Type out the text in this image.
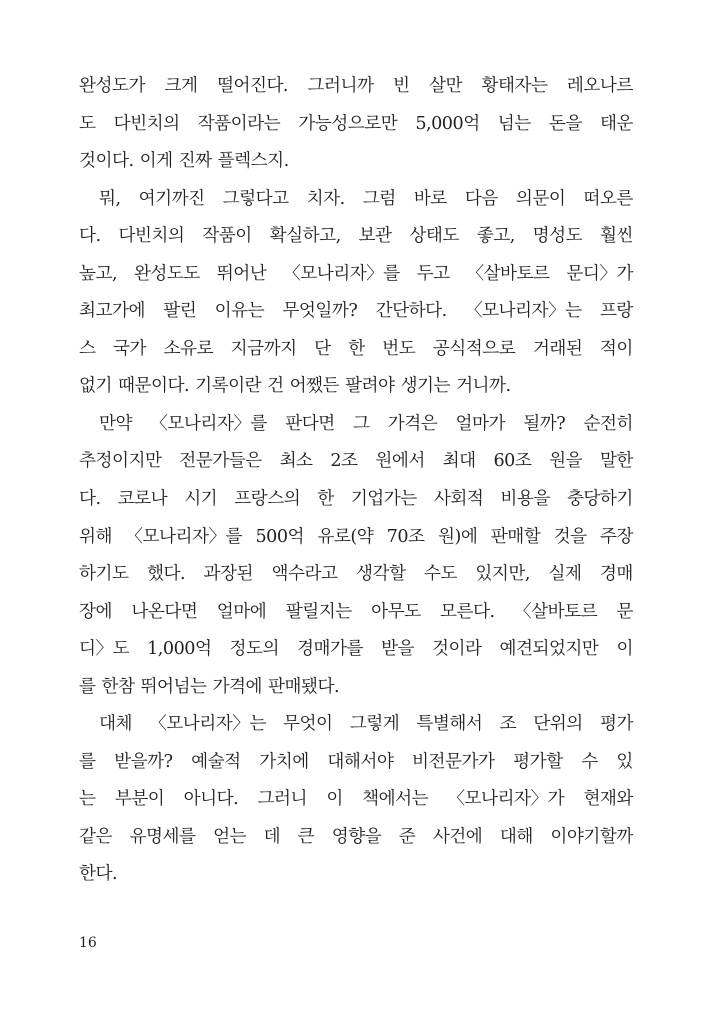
완성도가 크게 떨어진다. 그러니까 빈 살만 황태자는 레오나르
도 다빈치의 작품이라는 가능성으로만 5,000억 넘는 돈을 태운
것이다. 이게 진짜 플렉스지.
뭐, 여기까진 그렇다고 치자. 그럼 바로 다음 의문이 떠오른
다. 다빈치의 작품이 확실하고, 보관 상태도 좋고, 명성도 훨씬
높고, 완성도도 뛰어난 〈모나리자〉를 두고 〈살바토르 문디〉가
최고가에 팔린 이유는 무엇일까? 간단하다. 〈모나리자〉는 프랑
스 국가 소유로 지금까지 단 한 번도 공식적으로 거래된 적이
없기 때문이다. 기록이란 건 어쨌든 팔려야 생기는 거니까.
만약 〈모나리자〉를 판다면 그 가격은 얼마가 될까? 순전히
추정이지만 전문가들은 최소 2조 원에서 최대 60조 원을 말한
다. 코로나 시기 프랑스의 한 기업가는 사회적 비용을 충당하기
위해 〈모나리자〉를 500억 유로(약 70조 원)에 판매할 것을 주장
하기도 했다. 과장된 액수라고 생각할 수도 있지만, 실제 경매
장에 나온다면 얼마에 팔릴지는 아무도 모른다. 〈살바토르 문
디〉도 1,000억 정도의 경매가를 받을 것이라 예견되었지만 이
를 한참 뛰어넘는 가격에 판매됐다.
대체 〈모나리자〉는 무엇이 그렇게 특별해서 조 단위의 평가
를 받을까? 예술적 가치에 대해서야 비전문가가 평가할 수 있
는 부분이 아니다. 그러니 이 책에서는 〈모나리자〉가 현재와
같은 유명세를 얻는 데 큰 영향을 준 사건에 대해 이야기할까
한다.
16
